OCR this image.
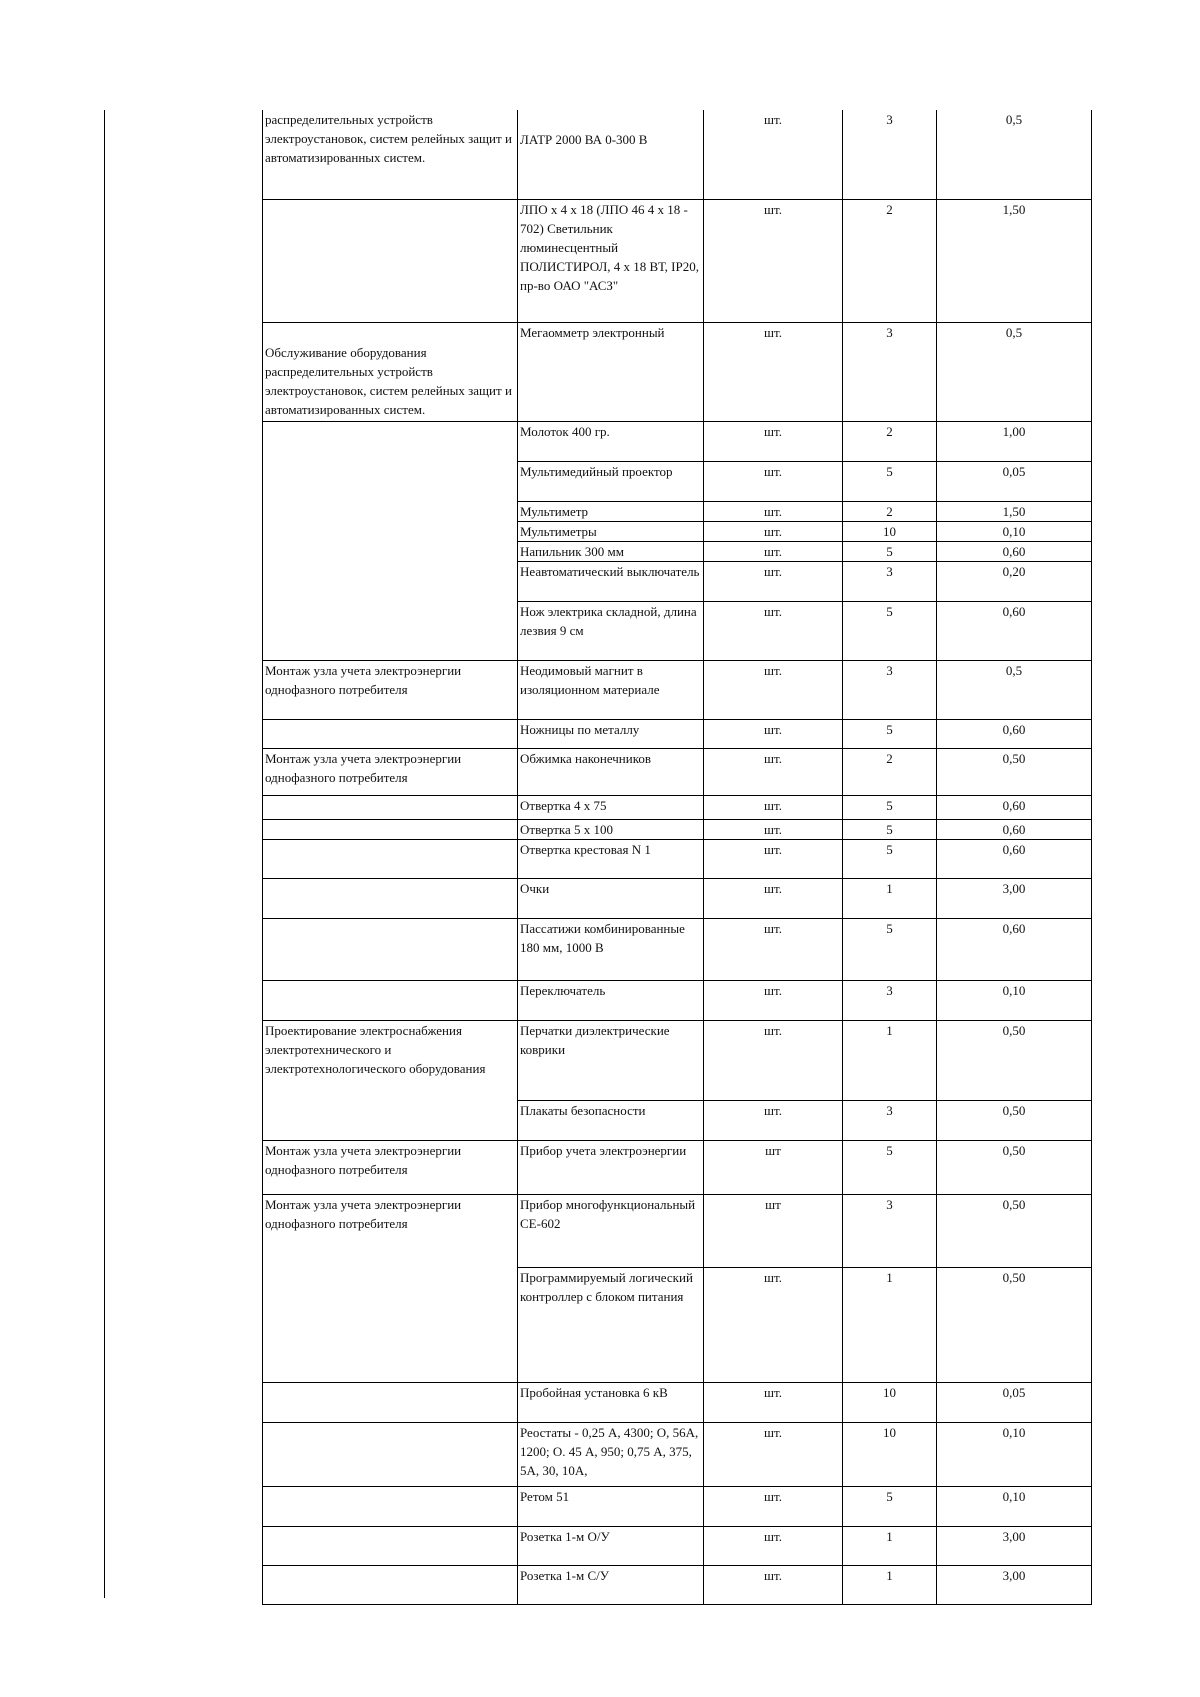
распределительных устройств электроустановок, систем релейных защит и автоматизированных систем.	ЛАТР 2000 ВА 0-300 В	шт.	3	0,5
	ЛПО х 4 х 18 (ЛПО 46 4 х 18 - 702) Светильник люминесцентный ПОЛИСТИРОЛ, 4 х 18 ВТ, IP20, пр-во ОАО "АСЗ"	шт.	2	1,50
Обслуживание оборудования распределительных устройств электроустановок, систем релейных защит и автоматизированных систем.	Мегаомметр электронный	шт.	3	0,5
	Молоток 400 гр.	шт.	2	1,00
	Мультимедийный проектор	шт.	5	0,05
	Мультиметр	шт.	2	1,50
	Мультиметры	шт.	10	0,10
	Напильник 300 мм	шт.	5	0,60
	Неавтоматический выключатель	шт.	3	0,20
	Нож электрика складной, длина лезвия 9 см	шт.	5	0,60
Монтаж узла учета электроэнергии однофазного потребителя	Неодимовый магнит в изоляционном материале	шт.	3	0,5
	Ножницы по металлу	шт.	5	0,60
Монтаж узла учета электроэнергии однофазного потребителя	Обжимка наконечников	шт.	2	0,50
	Отвертка 4 х 75	шт.	5	0,60
	Отвертка 5 х 100	шт.	5	0,60
	Отвертка крестовая N 1	шт.	5	0,60
	Очки	шт.	1	3,00
	Пассатижи комбинированные 180 мм, 1000 В	шт.	5	0,60
	Переключатель	шт.	3	0,10
Проектирование электроснабжения электротехнического и электротехнологического оборудования	Перчатки диэлектрические коврики	шт.	1	0,50
	Плакаты безопасности	шт.	3	0,50
Монтаж узла учета электроэнергии однофазного потребителя	Прибор учета электроэнергии	шт	5	0,50
Монтаж узла учета электроэнергии однофазного потребителя	Прибор многофункциональный СЕ-602	шт	3	0,50
	Программируемый логический контроллер с блоком питания	шт.	1	0,50
	Пробойная установка 6 кВ	шт.	10	0,05
	Реостаты - 0,25 А, 4300; О, 56А, 1200; О. 45 А, 950; 0,75 А, 375, 5А, 30, 10А,	шт.	10	0,10
	Ретом 51	шт.	5	0,10
	Розетка 1-м О/У	шт.	1	3,00
	Розетка 1-м С/У	шт.	1	3,00
